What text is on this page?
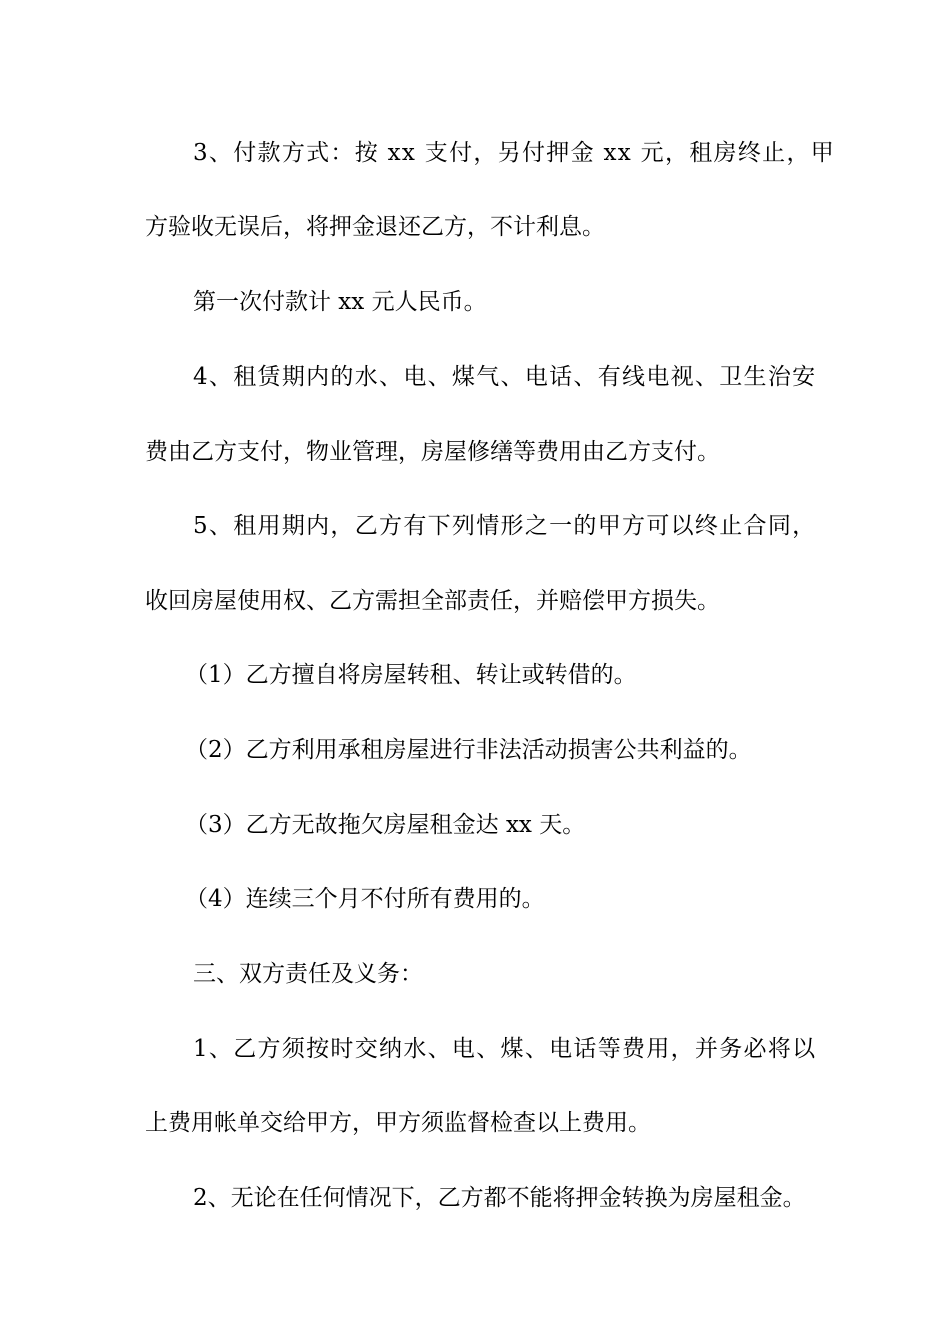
3、付款方式：按 xx 支付，另付押金 xx 元，租房终止，甲
方验收无误后，将押金退还乙方，不计利息。
第一次付款计 xx 元人民币。
4、租赁期内的水、电、煤气、电话、有线电视、卫生治安
费由乙方支付，物业管理，房屋修缮等费用由乙方支付。
5、租用期内，乙方有下列情形之一的甲方可以终止合同，
收回房屋使用权、乙方需担全部责任，并赔偿甲方损失。
（1）乙方擅自将房屋转租、转让或转借的。
（2）乙方利用承租房屋进行非法活动损害公共利益的。
（3）乙方无故拖欠房屋租金达 xx 天。
（4）连续三个月不付所有费用的。
三、双方责任及义务：
1、乙方须按时交纳水、电、煤、电话等费用，并务必将以
上费用帐单交给甲方，甲方须监督检查以上费用。
2、无论在任何情况下，乙方都不能将押金转换为房屋租金。
